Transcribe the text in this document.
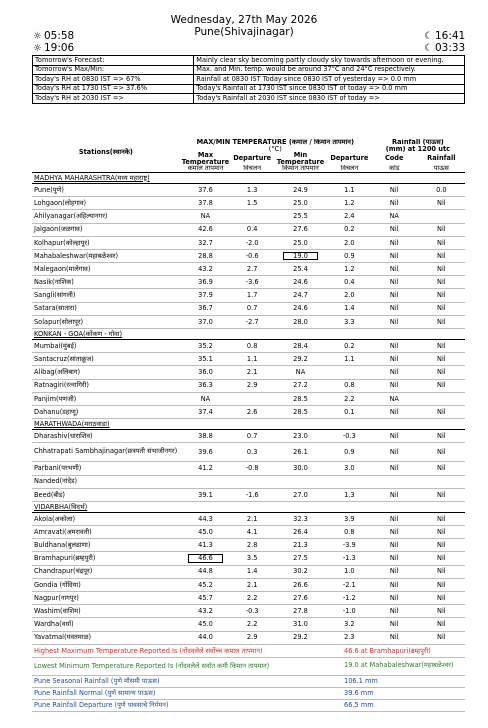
Wednesday, 27th May 2026
Pune(Shivajinagar)
☼ 05:58
☼ 19:06
☾ 16:41
☾ 03:33
Tomorrow's Forecast:	Mainly clear sky becoming partly cloudy sky towards afternoon or evening.
Tomorrow's Max/Min:	Max. and Min. temp. would be around 37°C and 24°C respectively.
Today's RH at 0830 IST => 67%	Rainfall at 0830 IST Today since 0830 IST of yesterday => 0.0 mm
Today's RH at 1730 IST => 37.6%	Today's Rainfall at 1730 IST since 0830 IST of today => 0.0 mm
Today's RH at 2030 IST =>	Today's Rainfall at 2030 IST since 0830 IST of today =>
Stations(स्थानके)	MAX/MIN TEMPERATURE (कमाल / किमान तापमान)				Rainfall (पाऊस)	
	(°C)				(mm) at 1200 utc	
	Max
Temperature	Departure	Min
Temperature	Departure	Code	Rainfall
	कमाल तापमान	विचलन	किमान तापमान	विचलन	कोड	पाऊस
MADHYA MAHARASHTRA(मध्य महाराष्ट्र)						
Pune(पुणे)	37.6	1.3	24.9	1.1	Nil	0.0
Lohgaon(लोहगाव)	37.8	1.5	25.0	1.2	Nil	Nil
Ahilyanagar(अहिल्यानगर)	NA		25.5	2.4	NA	
Jalgaon(जळगाव)	42.6	0.4	27.6	0.2	Nil	Nil
Kolhapur(कोल्हापूर)	32.7	-2.0	25.0	2.0	Nil	Nil
Mahabaleshwar(महाबळेश्वर)	28.8	-0.6	19.0	0.9	Nil	Nil
Malegaon(मालेगाव)	43.2	2.7	25.4	1.2	Nil	Nil
Nasik(नाशिक)	36.9	-3.6	24.6	0.4	Nil	Nil
Sangli(सांगली)	37.9	1.7	24.7	2.0	Nil	Nil
Satara(सातारा)	36.7	0.7	24.6	1.4	Nil	Nil
Solapur(सोलापूर)	37.0	-2.7	28.0	3.3	Nil	Nil
KONKAN - GOA(कोंकण - गोवा)						
Mumbai(मुंबई)	35.2	0.8	28.4	0.2	Nil	Nil
Santacruz(सांताक्रूज)	35.1	1.1	29.2	1.1	Nil	Nil
Alibag(अलिबाग)	36.0	2.1	NA		Nil	Nil
Ratnagiri(रत्नागिरी)	36.3	2.9	27.2	0.8	Nil	Nil
Panjim(पणजी)	NA		28.5	2.2	NA	
Dahanu(डहाणू)	37.4	2.6	28.5	0.1	Nil	Nil
MARATHWADA(मराठवाडा)						
Dharashiv(धाराशिव)	38.8	0.7	23.0	-0.3	Nil	Nil
Chhatrapati Sambhajinagar(छत्रपती संभाजीनगर)	39.6	0.3	26.1	0.9	Nil	Nil
Parbani(परभणी)	41.2	-0.8	30.0	3.0	Nil	Nil
Nanded(नांदेड)						
Beed(बीड)	39.1	-1.6	27.0	1.3	Nil	Nil
VIDARBHA(विदर्भ)						
Akola(अकोला)	44.3	2.1	32.3	3.9	Nil	Nil
Amravati(अमरावती)	45.0	4.1	26.4	0.8	Nil	Nil
Buldhana(बुलढाणा)	41.3	2.8	21.3	-3.9	Nil	Nil
Bramhapuri(ब्रम्हपुरी)	46.6	3.5	27.5	-1.3	Nil	Nil
Chandrapur(चंद्रपूर)	44.8	1.4	30.2	1.0	Nil	Nil
Gondia (गोंदिया)	45.2	2.1	26.6	-2.1	Nil	Nil
Nagpur(नागपूर)	45.7	2.2	27.6	-1.2	Nil	Nil
Washim(वाशिम)	43.2	-0.3	27.8	-1.0	Nil	Nil
Wardha(वर्धा)	45.0	2.2	31.0	3.2	Nil	Nil
Yavatmal(यवतमाळ)	44.0	2.9	29.2	2.3	Nil	Nil
Highest Maximum Temperature Reported Is (नोंदवलेले सर्वोच्च कमाल तापमान)	46.6 at Bramhapuri(ब्रम्हपुरी)
Lowest Minimum Temperature Reported Is (नोंदवलेले सर्वात कमी किमान तापमान)	19.0 at Mahabaleshwar(महाबळेश्वर)
Pune Seasonal Rainfall (पुणे मौसमी पाऊस)	106.1 mm
Pune Rainfall Normal (पुणे सामान्य पाऊस)	39.6 mm
Pune Rainfall Departure (पुणे पावसाचे निर्गमन)	66.5 mm
